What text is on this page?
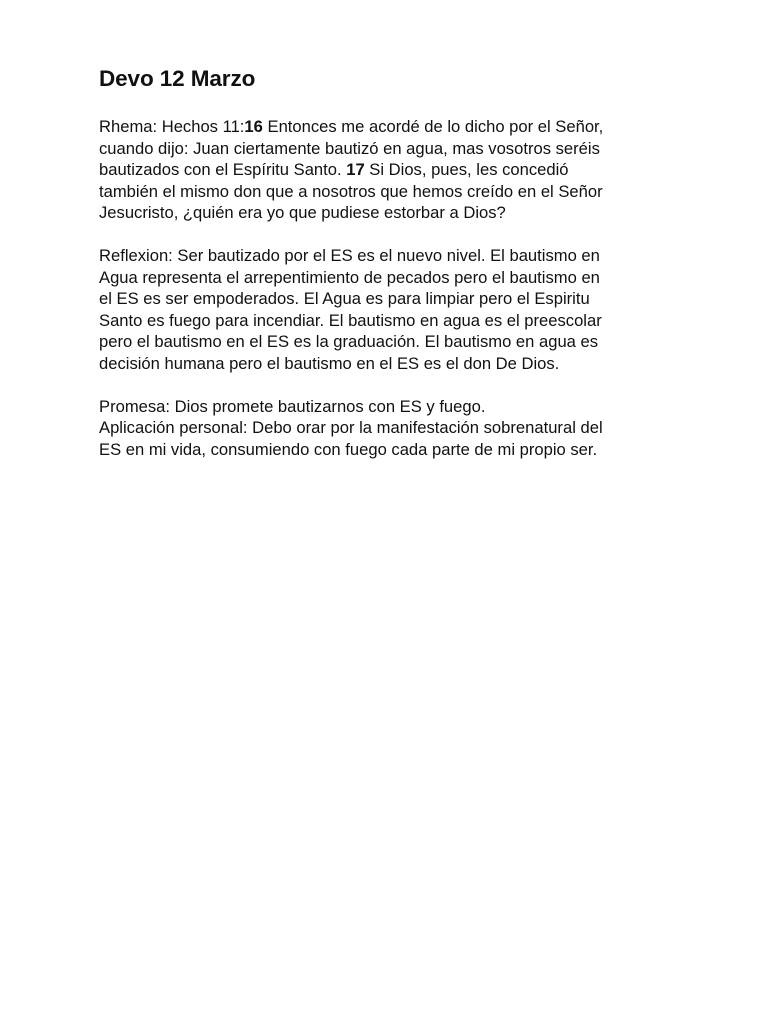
Devo 12 Marzo
Rhema: Hechos 11:16 Entonces me acordé de lo dicho por el Señor,
cuando dijo: Juan ciertamente bautizó en agua, mas vosotros seréis
bautizados con el Espíritu Santo. 17 Si Dios, pues, les concedió
también el mismo don que a nosotros que hemos creído en el Señor
Jesucristo, ¿quién era yo que pudiese estorbar a Dios?
Reflexion: Ser bautizado por el ES es el nuevo nivel. El bautismo en
Agua representa el arrepentimiento de pecados pero el bautismo en
el ES es ser empoderados. El Agua es para limpiar pero el Espiritu
Santo es fuego para incendiar. El bautismo en agua es el preescolar
pero el bautismo en el ES es la graduación. El bautismo en agua es
decisión humana pero el bautismo en el ES es el don De Dios.
Promesa: Dios promete bautizarnos con ES y fuego.
Aplicación personal: Debo orar por la manifestación sobrenatural del
ES en mi vida, consumiendo con fuego cada parte de mi propio ser.
